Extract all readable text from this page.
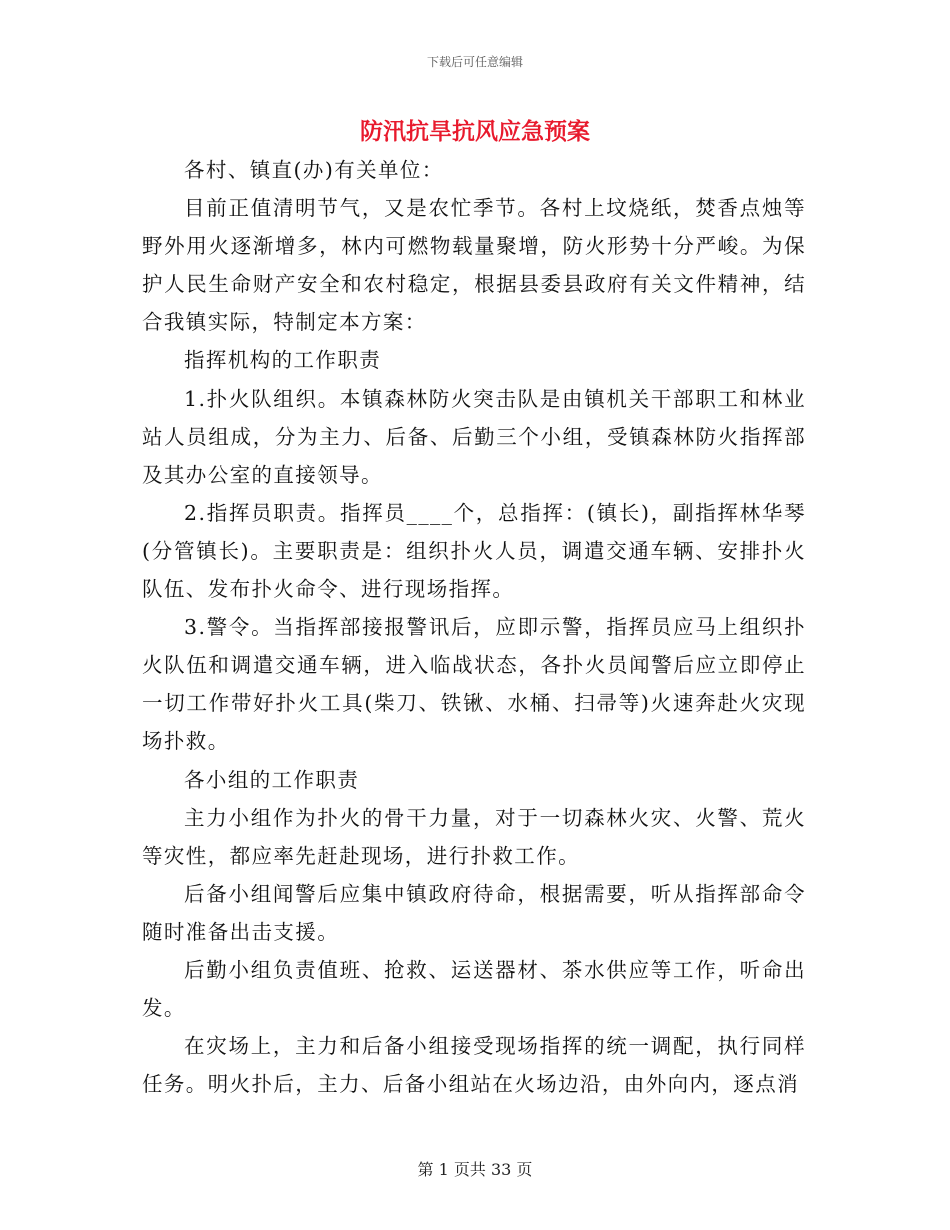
下载后可任意编辑
防汛抗旱抗风应急预案

各村、镇直(办)有关单位：

目前正值清明节气，又是农忙季节。各村上坟烧纸，焚香点烛等野外用火逐渐增多，林内可燃物载量聚增，防火形势十分严峻。为保护人民生命财产安全和农村稳定，根据县委县政府有关文件精神，结合我镇实际，特制定本方案：

指挥机构的工作职责

1.扑火队组织。本镇森林防火突击队是由镇机关干部职工和林业站人员组成，分为主力、后备、后勤三个小组，受镇森林防火指挥部及其办公室的直接领导。

2.指挥员职责。指挥员____个，总指挥：(镇长)，副指挥林华琴(分管镇长)。主要职责是：组织扑火人员，调遣交通车辆、安排扑火队伍、发布扑火命令、进行现场指挥。

3.警令。当指挥部接报警讯后，应即示警，指挥员应马上组织扑火队伍和调遣交通车辆，进入临战状态，各扑火员闻警后应立即停止一切工作带好扑火工具(柴刀、铁锹、水桶、扫帚等)火速奔赴火灾现场扑救。

各小组的工作职责

主力小组作为扑火的骨干力量，对于一切森林火灾、火警、荒火等灾性，都应率先赶赴现场，进行扑救工作。

后备小组闻警后应集中镇政府待命，根据需要，听从指挥部命令随时准备出击支援。

后勤小组负责值班、抢救、运送器材、茶水供应等工作，听命出发。

在灾场上，主力和后备小组接受现场指挥的统一调配，执行同样任务。明火扑后，主力、后备小组站在火场边沿，由外向内，逐点消

第 1 页共 33 页
